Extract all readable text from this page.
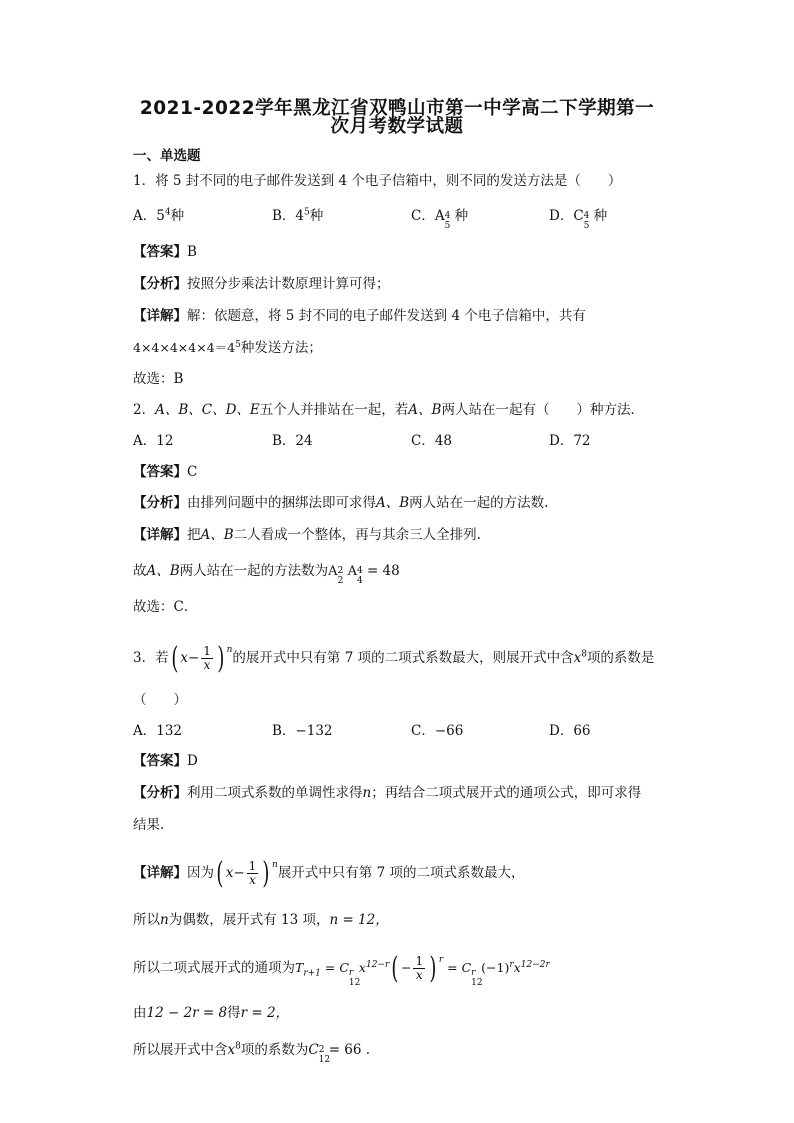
2021-2022学年黑龙江省双鸭山市第一中学高二下学期第一
次月考数学试题
一、单选题
1．将 5 封不同的电子邮件发送到 4 个电子信箱中，则不同的发送方法是（　　）
A．$5^4$种	B．$4^5$种	C．A 4
5
种	D．C 4
5
种
【答案】B
【分析】按照分步乘法计数原理计算可得；
【详解】解：依题意，将 5 封不同的电子邮件发送到 4 个电子信箱中，共有
$4\times 4\times 4\times 4\times 4=4^5$种发送方法；
故选：B
2．A、B、C、D、E五个人并排站在一起，若A、B两人站在一起有（　　）种方法．
A．12	B．24	C．48	D．72
【答案】C
【分析】由排列问题中的捆绑法即可求得A、B两人站在一起的方法数.
【详解】把A、B二人看成一个整体，再与其余三人全排列.
故A、B两人站在一起的方法数为A 2
2
A 4
4
= 48
故选：C．
3．若( $x- \frac{1}{x}$ ) n的展开式中只有第 7 项的二项式系数最大，则展开式中含$x^8$项的系数是
（　　）
A．132	B．−132	C．−66	D．66
【答案】D
【分析】利用二项式系数的单调性求得n；再结合二项式展开式的通项公式，即可求得
结果.
【详解】因为( $x- \frac{1}{x}$ ) n展开式中只有第 7 项的二项式系数最大，
所以n为偶数，展开式有 13 项，n = 12，
所以二项式展开式的通项为$T_{r+1} = C$ r
12
$x^{12-r}( - \frac{1}{x}$ ) r = C r
12
$(-1)^rx^{12-2r}$
由12 − 2r = 8得r = 2，
所以展开式中含$x^8$项的系数为C 2
12
= 66 .
